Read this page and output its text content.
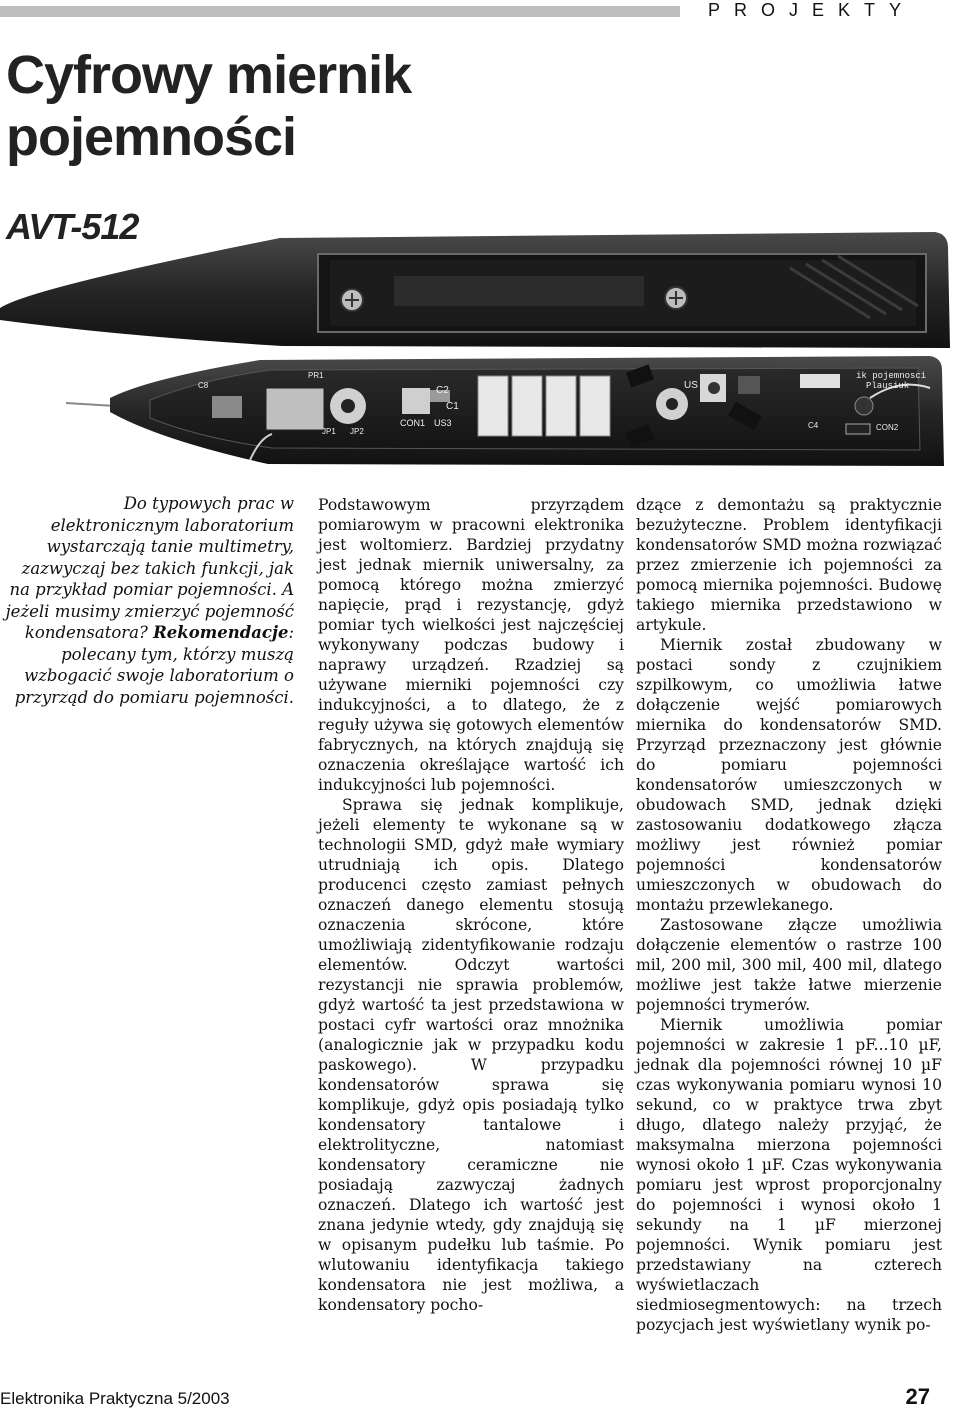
PROJEKTY
Cyfrowy miernik pojemności
AVT-512
C2
C1
CON1 US3
PR1
C8
JP1 JP2
US
C4	CON2
ik pojemnosci
Plausiuk
Do typowych prac w elektronicznym laboratorium wystarczają tanie multimetry, zazwyczaj bez takich funkcji, jak na przykład pomiar pojemności. A jeżeli musimy zmierzyć pojemność kondensatora? Rekomendacje: polecany tym, którzy muszą wzbogacić swoje laboratorium o przyrząd do pomiaru pojemności.

Podstawowym przyrządem pomiarowym w pracowni elektronika jest woltomierz. Bardziej przydatny jest jednak miernik uniwersalny, za pomocą którego można zmierzyć napięcie, prąd i rezystancję, gdyż pomiar tych wielkości jest najczęściej wykonywany podczas budowy i naprawy urządzeń. Rzadziej są używane mierniki pojemności czy indukcyjności, a to dlatego, że z reguły używa się gotowych elementów fabrycznych, na których znajdują się oznaczenia określające wartość ich indukcyjności lub pojemności.

Sprawa się jednak komplikuje, jeżeli elementy te wykonane są w technologii SMD, gdyż małe wymiary utrudniają ich opis. Dlatego producenci często zamiast pełnych oznaczeń danego elementu stosują oznaczenia skrócone, które umożliwiają zidentyfikowanie rodzaju elementów. Odczyt wartości rezystancji nie sprawia problemów, gdyż wartość ta jest przedstawiona w postaci cyfr wartości oraz mnożnika (analogicznie jak w przypadku kodu paskowego). W przypadku kondensatorów sprawa się komplikuje, gdyż opis posiadają tylko kondensatory tantalowe i elektrolityczne, natomiast kondensatory ceramiczne nie posiadają zazwyczaj żadnych oznaczeń. Dlatego ich wartość jest znana jedynie wtedy, gdy znajdują się w opisanym pudełku lub taśmie. Po wlutowaniu identyfikacja takiego kondensatora nie jest możliwa, a kondensatory pocho-

dzące z demontażu są praktycznie bezużyteczne. Problem identyfikacji kondensatorów SMD można rozwiązać przez zmierzenie ich pojemności za pomocą miernika pojemności. Budowę takiego miernika przedstawiono w artykule.

Miernik został zbudowany w postaci sondy z czujnikiem szpilkowym, co umożliwia łatwe dołączenie wejść pomiarowych miernika do kondensatorów SMD. Przyrząd przeznaczony jest głównie do pomiaru pojemności kondensatorów umieszczonych w obudowach SMD, jednak dzięki zastosowaniu dodatkowego złącza możliwy jest również pomiar pojemności kondensatorów umieszczonych w obudowach do montażu przewlekanego.

Zastosowane złącze umożliwia dołączenie elementów o rastrze 100 mil, 200 mil, 300 mil, 400 mil, dlatego możliwe jest także łatwe mierzenie pojemności trymerów.

Miernik umożliwia pomiar pojemności w zakresie 1 pF...10 µF, jednak dla pojemności równej 10 µF czas wykonywania pomiaru wynosi 10 sekund, co w praktyce trwa zbyt długo, dlatego należy przyjąć, że maksymalna mierzona pojemności wynosi około 1 µF. Czas wykonywania pomiaru jest wprost proporcjonalny do pojemności i wynosi około 1 sekundy na 1 µF mierzonej pojemności. Wynik pomiaru jest przedstawiany na czterech wyświetlaczach siedmiosegmentowych: na trzech pozycjach jest wyświetlany wynik po-

Elektronika Praktyczna 5/2003	27
